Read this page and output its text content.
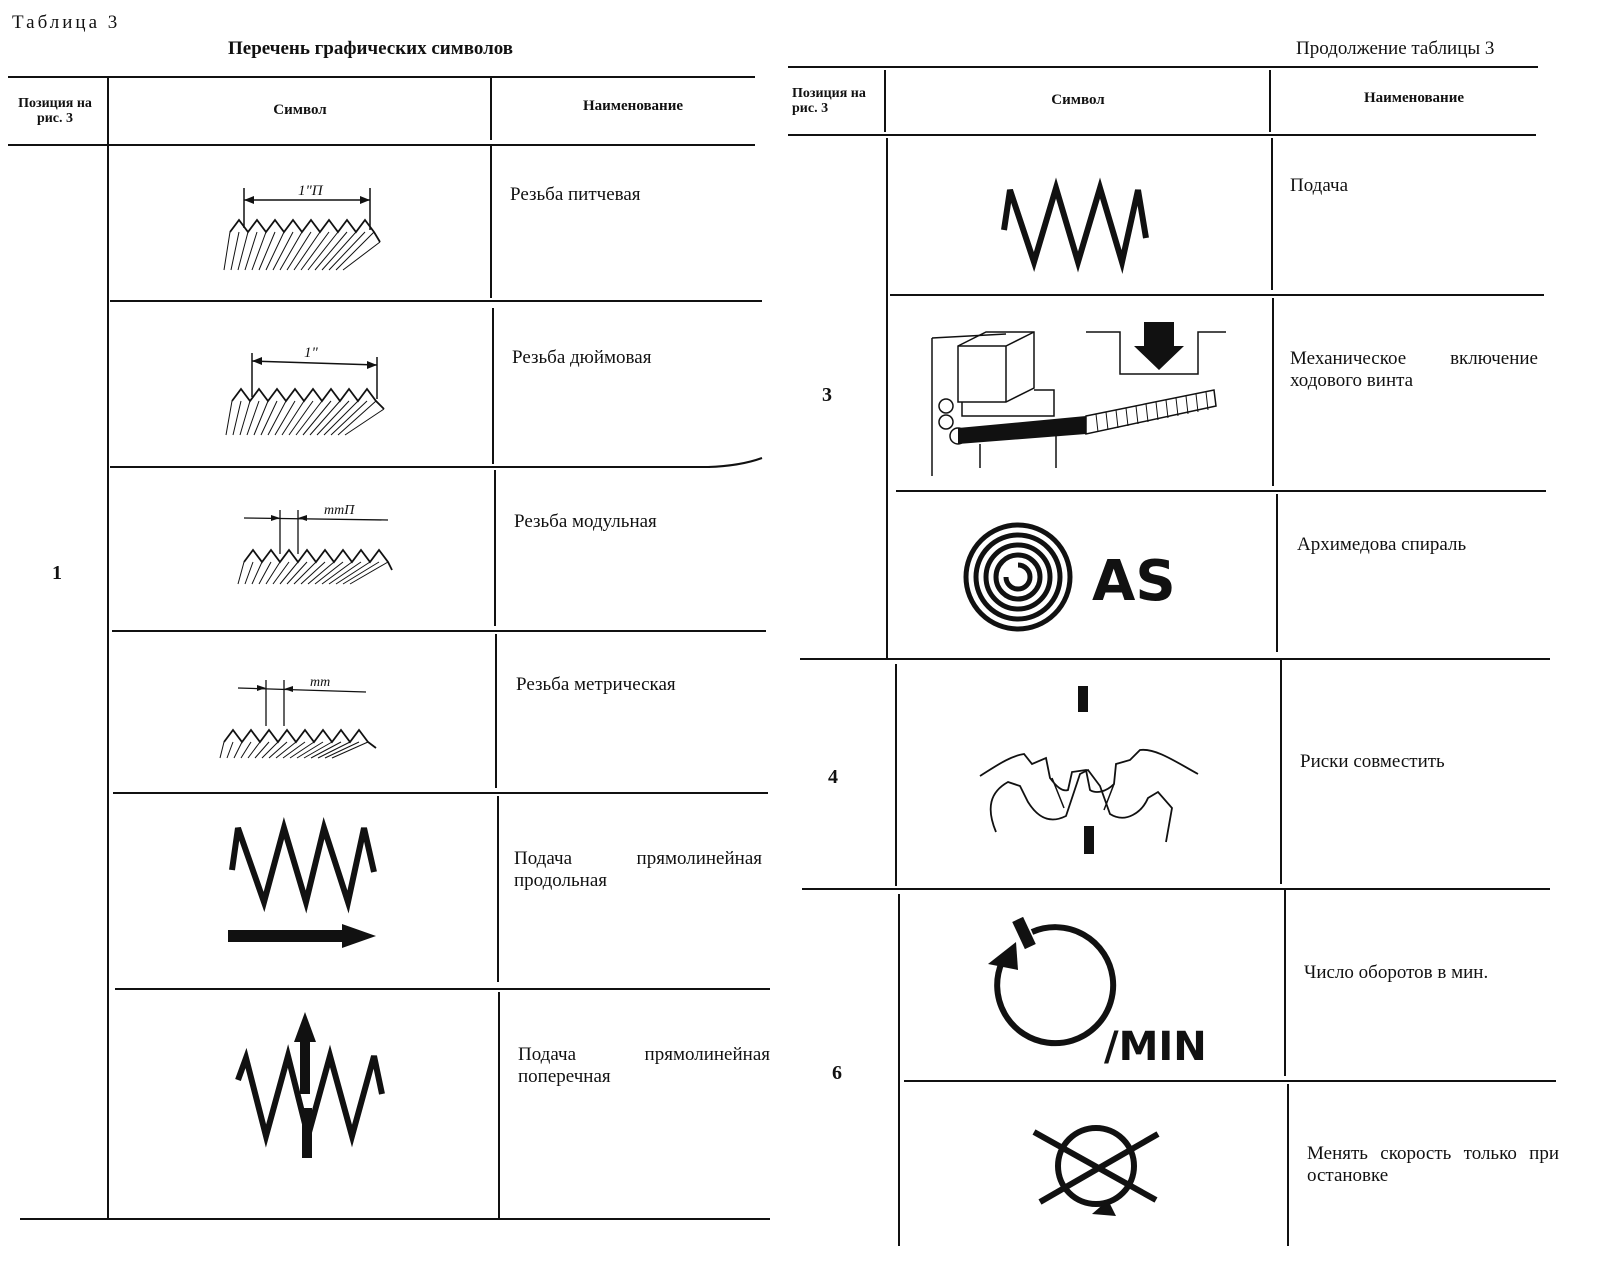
Таблица 3
Перечень графических символов
Позиция на рис. 3
Символ	Наименование
1
Резьба питчевая
Резьба дюймовая
Резьба модульная
Резьба метрическая
Подача прямолинейная продольная
Подача прямолинейная поперечная
1"П
1"
mmП
mm
Продолжение таблицы 3
Позиция на рис. 3
Символ	Наименование
3
4
6
Подача
Механическое включение ходового винта
Архимедова спираль
Риски совместить
Число оборотов в мин.
Менять скорость только при остановке
AS
/MIN
